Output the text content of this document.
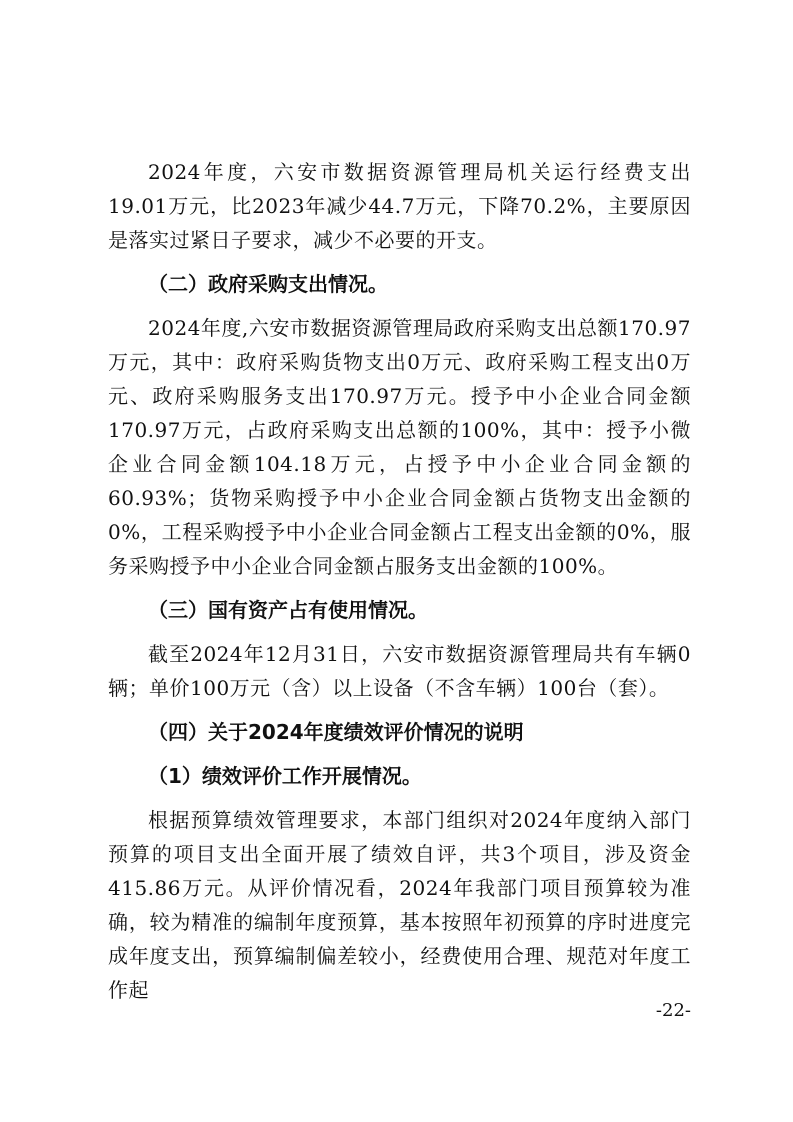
2024年度，六安市数据资源管理局机关运行经费支出19.01万元，比2023年减少44.7万元，下降70.2%，主要原因是落实过紧日子要求，减少不必要的开支。

（二）政府采购支出情况。

2024年度,六安市数据资源管理局政府采购支出总额170.97万元，其中：政府采购货物支出0万元、政府采购工程支出0万元、政府采购服务支出170.97万元。授予中小企业合同金额170.97万元，占政府采购支出总额的100%，其中：授予小微企业合同金额104.18万元，占授予中小企业合同金额的60.93%；货物采购授予中小企业合同金额占货物支出金额的0%，工程采购授予中小企业合同金额占工程支出金额的0%，服务采购授予中小企业合同金额占服务支出金额的100%。

（三）国有资产占有使用情况。

截至2024年12月31日，六安市数据资源管理局共有车辆0辆；单价100万元（含）以上设备（不含车辆）100台（套）。

（四）关于2024年度绩效评价情况的说明

（1）绩效评价工作开展情况。

根据预算绩效管理要求，本部门组织对2024年度纳入部门预算的项目支出全面开展了绩效自评，共3个项目，涉及资金415.86万元。从评价情况看，2024年我部门项目预算较为准确，较为精准的编制年度预算，基本按照年初预算的序时进度完成年度支出，预算编制偏差较小，经费使用合理、规范对年度工作起

-22-
